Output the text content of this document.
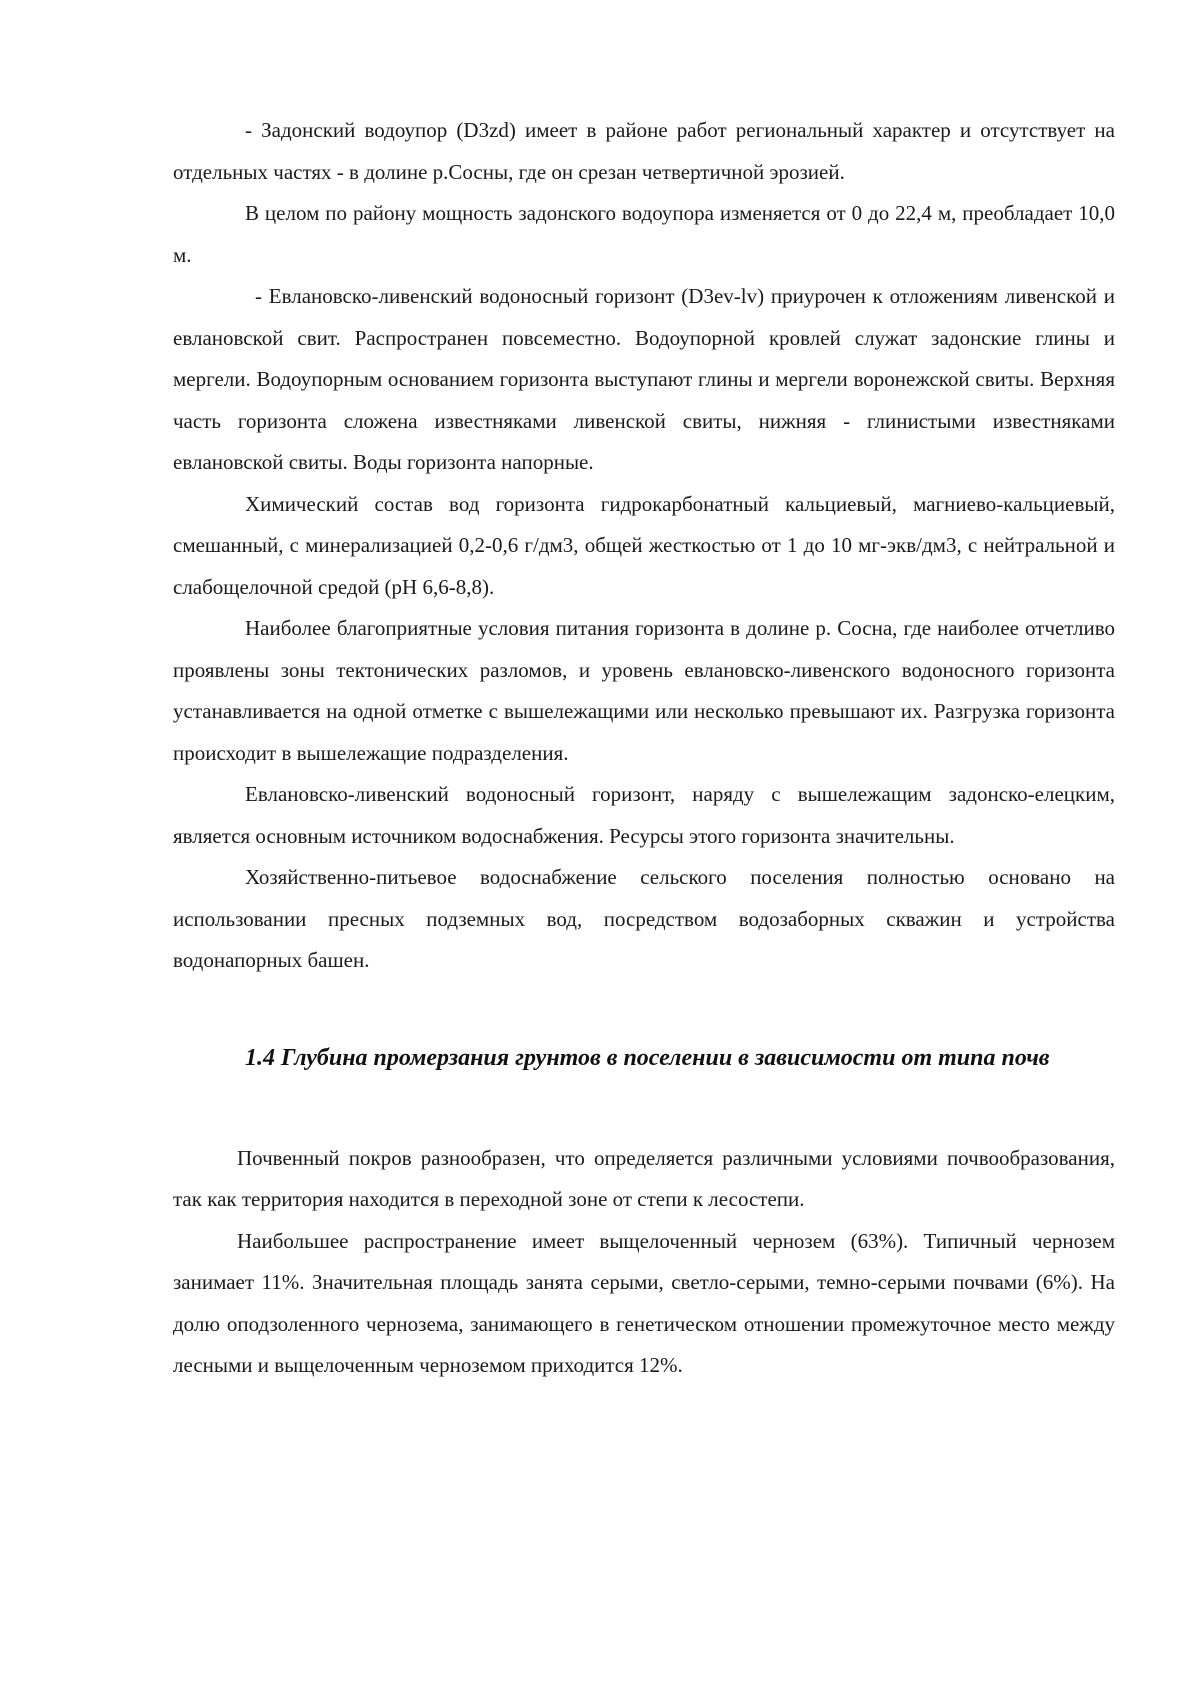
- Задонский водоупор (D3zd) имеет в районе работ региональный характер и отсутствует на отдельных частях - в долине р.Сосны, где он срезан четвертичной эрозией.

В целом по району мощность задонского водоупора изменяется от 0 до 22,4 м, преобладает 10,0 м.

- Евлановско-ливенский водоносный горизонт (D3ev-lv) приурочен к отложениям ливенской и евлановской свит. Распространен повсеместно. Водоупорной кровлей служат задонские глины и мергели. Водоупорным основанием горизонта выступают глины и мергели воронежской свиты. Верхняя часть горизонта сложена известняками ливенской свиты, нижняя - глинистыми известняками евлановской свиты. Воды горизонта напорные.

Химический состав вод горизонта гидрокарбонатный кальциевый, магниево-кальциевый, смешанный, с минерализацией 0,2-0,6 г/дм3, общей жесткостью от 1 до 10 мг-экв/дм3, с нейтральной и слабощелочной средой (pH 6,6-8,8).

Наиболее благоприятные условия питания горизонта в долине р. Сосна, где наиболее отчетливо проявлены зоны тектонических разломов, и уровень евлановско-ливенского водоносного горизонта устанавливается на одной отметке с вышележащими или несколько превышают их. Разгрузка горизонта происходит в вышележащие подразделения.

Евлановско-ливенский водоносный горизонт, наряду с вышележащим задонско-елецким, является основным источником водоснабжения. Ресурсы этого горизонта значительны.

Хозяйственно-питьевое водоснабжение сельского поселения полностью основано на использовании пресных подземных вод, посредством водозаборных скважин и устройства водонапорных башен.

1.4 Глубина промерзания грунтов в поселении в зависимости от типа почв

Почвенный покров разнообразен, что определяется различными условиями почвообразования, так как территория находится в переходной зоне от степи к лесостепи.

Наибольшее распространение имеет выщелоченный чернозем (63%). Типичный чернозем занимает 11%. Значительная площадь занята серыми, светло-серыми, темно-серыми почвами (6%). На долю оподзоленного чернозема, занимающего в генетическом отношении промежуточное место между лесными и выщелоченным черноземом приходится 12%.
